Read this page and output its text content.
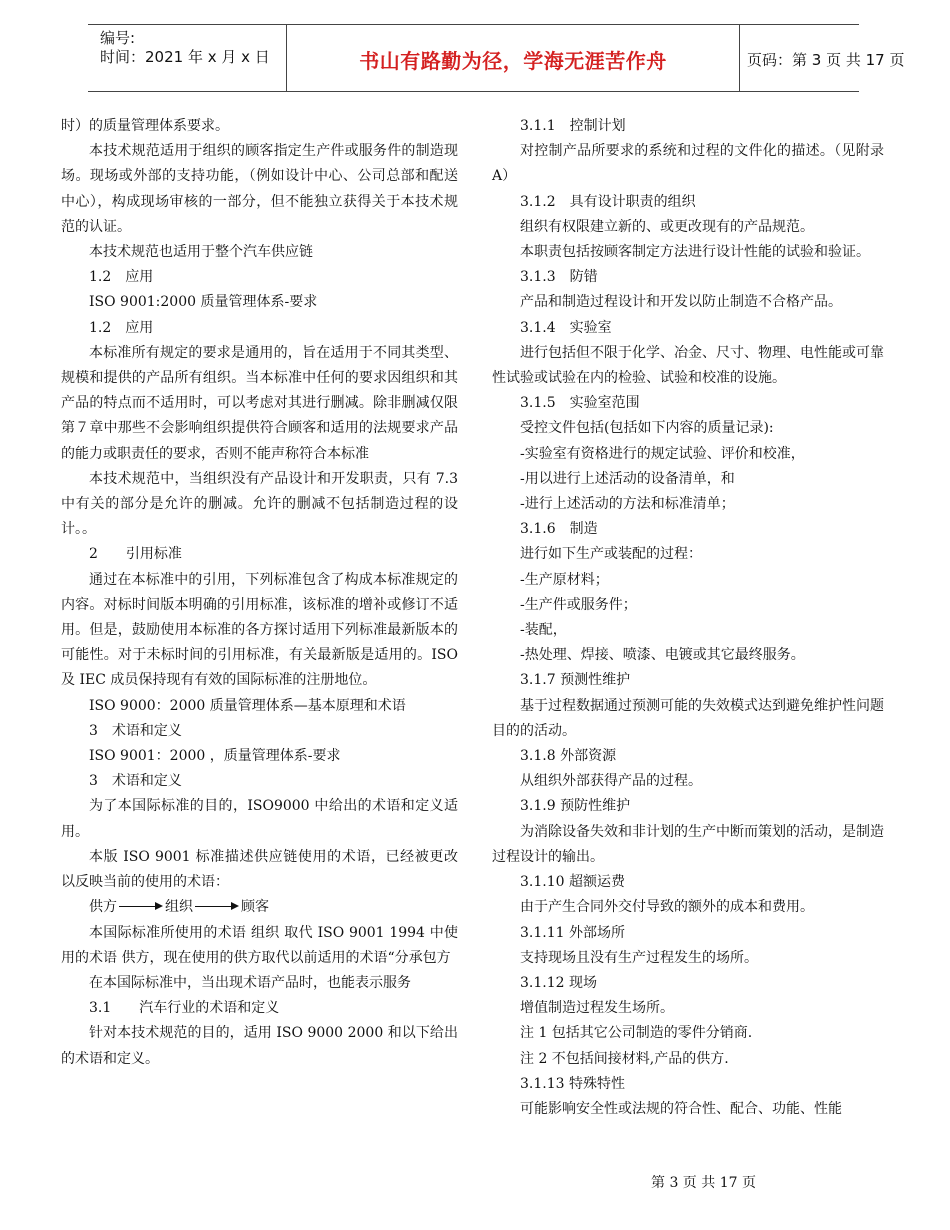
编号:
时间：2021 年 x 月 x 日	书山有路勤为径，学海无涯苦作舟	页码：第 3 页 共 17 页

时）的质量管理体系要求。

本技术规范适用于组织的顾客指定生产件或服务件的制造现场。现场或外部的支持功能，（例如设计中心、公司总部和配送中心），构成现场审核的一部分，但不能独立获得关于本技术规范的认证。

本技术规范也适用于整个汽车供应链

1.2　应用

ISO 9001:2000 质量管理体系-要求

1.2　应用

本标准所有规定的要求是通用的，旨在适用于不同其类型、规模和提供的产品所有组织。当本标准中任何的要求因组织和其产品的特点而不适用时，可以考虑对其进行删减。除非删减仅限第７章中那些不会影响组织提供符合顾客和适用的法规要求产品的能力或职责任的要求，否则不能声称符合本标准

本技术规范中，当组织没有产品设计和开发职责，只有 7.3 中有关的部分是允许的删减。允许的删减不包括制造过程的设计。。

2　　引用标准

通过在本标准中的引用，下列标准包含了构成本标准规定的内容。对标时间版本明确的引用标准，该标准的增补或修订不适用。但是，鼓励使用本标准的各方探讨适用下列标准最新版本的可能性。对于未标时间的引用标准，有关最新版是适用的。ISO 及 IEC 成员保持现有有效的国际标准的注册地位。

ISO 9000：2000 质量管理体系—基本原理和术语

3　术语和定义

ISO 9001：2000 ，质量管理体系-要求

3　术语和定义

为了本国际标准的目的，ISO9000 中给出的术语和定义适用。

本版 ISO 9001 标准描述供应链使用的术语，已经被更改以反映当前的使用的术语：

供方	组织	顾客

本国际标准所使用的术语 组织 取代 ISO 9001 1994 中使用的术语 供方，现在使用的供方取代以前适用的术语“分承包方

在本国际标准中，当出现术语产品时，也能表示服务

3.1　　汽车行业的术语和定义

针对本技术规范的目的，适用 ISO 9000 2000 和以下给出的术语和定义。

3.1.1　控制计划

对控制产品所要求的系统和过程的文件化的描述。（见附录 A）

3.1.2　具有设计职责的组织

组织有权限建立新的、或更改现有的产品规范。

本职责包括按顾客制定方法进行设计性能的试验和验证。

3.1.3　防错

产品和制造过程设计和开发以防止制造不合格产品。

3.1.4　实验室

进行包括但不限于化学、冶金、尺寸、物理、电性能或可靠性试验或试验在内的检验、试验和校准的设施。

3.1.5　实验室范围

受控文件包括(包括如下内容的质量记录):

-实验室有资格进行的规定试验、评价和校准，

-用以进行上述活动的设备清单，和

-进行上述活动的方法和标准清单；

3.1.6　制造

进行如下生产或装配的过程：

-生产原材料；

-生产件或服务件；

-装配，

-热处理、焊接、喷漆、电镀或其它最终服务。

3.1.7 预测性维护

基于过程数据通过预测可能的失效模式达到避免维护性问题目的的活动。

3.1.8 外部资源

从组织外部获得产品的过程。

3.1.9 预防性维护

为消除设备失效和非计划的生产中断而策划的活动，是制造过程设计的输出。

3.1.10 超额运费

由于产生合同外交付导致的额外的成本和费用。

3.1.11 外部场所

支持现场且没有生产过程发生的场所。

3.1.12 现场

增值制造过程发生场所。

注 1 包括其它公司制造的零件分销商.

注 2 不包括间接材料,产品的供方.

3.1.13 特殊特性

可能影响安全性或法规的符合性、配合、功能、性能

第 3 页 共 17 页
